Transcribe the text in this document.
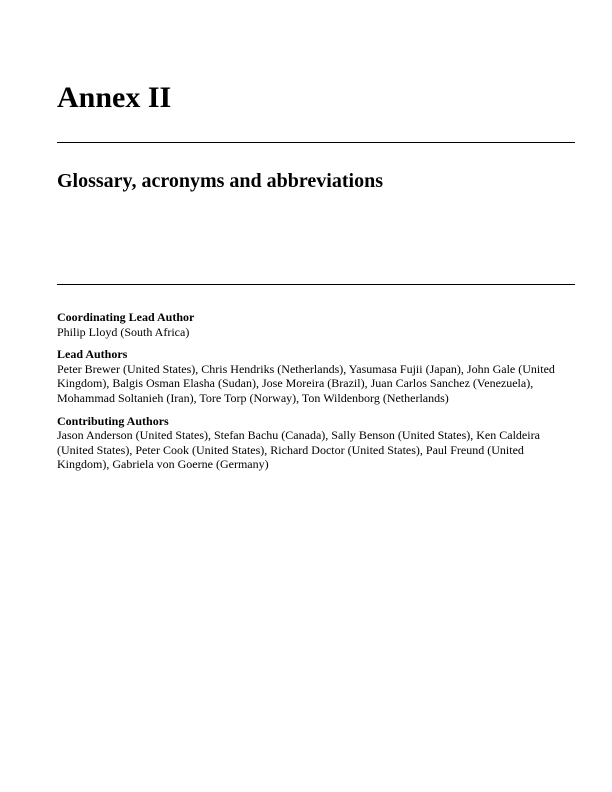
Annex II
Glossary, acronyms and abbreviations

Coordinating Lead Author

Philip Lloyd (South Africa)

Lead Authors

Peter Brewer (United States), Chris Hendriks (Netherlands), Yasumasa Fujii (Japan), John Gale (United Kingdom), Balgis Osman Elasha (Sudan), Jose Moreira (Brazil), Juan Carlos Sanchez (Venezuela), Mohammad Soltanieh (Iran), Tore Torp (Norway), Ton Wildenborg (Netherlands)

Contributing Authors

Jason Anderson (United States), Stefan Bachu (Canada), Sally Benson (United States), Ken Caldeira (United States), Peter Cook (United States), Richard Doctor (United States), Paul Freund (United Kingdom), Gabriela von Goerne (Germany)
